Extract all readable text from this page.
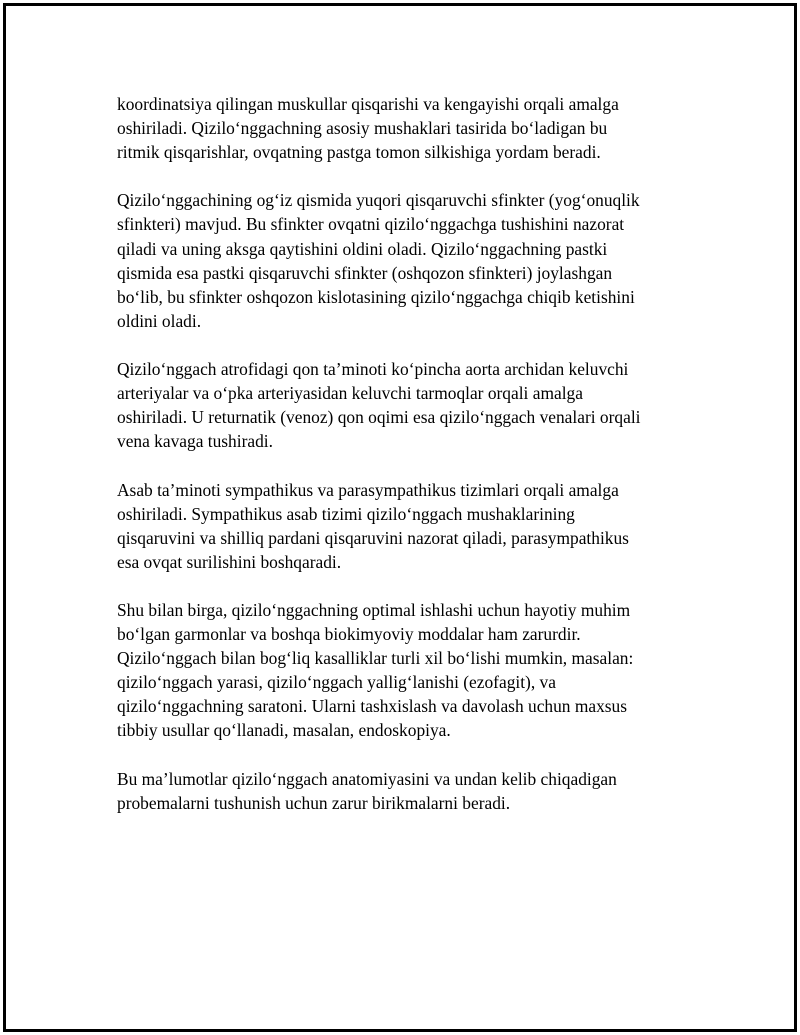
koordinatsiya qilingan muskullar qisqarishi va kengayishi orqali amalga
oshiriladi. Qizilo‘nggachning asosiy mushaklari tasirida bo‘ladigan bu
ritmik qisqarishlar, ovqatning pastga tomon silkishiga yordam beradi.

Qizilo‘nggachining og‘iz qismida yuqori qisqaruvchi sfinkter (yog‘onuqlik
sfinkteri) mavjud. Bu sfinkter ovqatni qizilo‘nggachga tushishini nazorat
qiladi va uning aksga qaytishini oldini oladi. Qizilo‘nggachning pastki
qismida esa pastki qisqaruvchi sfinkter (oshqozon sfinkteri) joylashgan
bo‘lib, bu sfinkter oshqozon kislotasining qizilo‘nggachga chiqib ketishini
oldini oladi.

Qizilo‘nggach atrofidagi qon ta’minoti ko‘pincha aorta archidan keluvchi
arteriyalar va o‘pka arteriyasidan keluvchi tarmoqlar orqali amalga
oshiriladi. U returnatik (venoz) qon oqimi esa qizilo‘nggach venalari orqali
vena kavaga tushiradi.

Asab ta’minoti sympathikus va parasympathikus tizimlari orqali amalga
oshiriladi. Sympathikus asab tizimi qizilo‘nggach mushaklarining
qisqaruvini va shilliq pardani qisqaruvini nazorat qiladi, parasympathikus
esa ovqat surilishini boshqaradi.

Shu bilan birga, qizilo‘nggachning optimal ishlashi uchun hayotiy muhim
bo‘lgan garmonlar va boshqa biokimyoviy moddalar ham zarurdir.
Qizilo‘nggach bilan bog‘liq kasalliklar turli xil bo‘lishi mumkin, masalan:
qizilo‘nggach yarasi, qizilo‘nggach yallig‘lanishi (ezofagit), va
qizilo‘nggachning saratoni. Ularni tashxislash va davolash uchun maxsus
tibbiy usullar qo‘llanadi, masalan, endoskopiya.

Bu ma’lumotlar qizilo‘nggach anatomiyasini va undan kelib chiqadigan
probemalarni tushunish uchun zarur birikmalarni beradi.
